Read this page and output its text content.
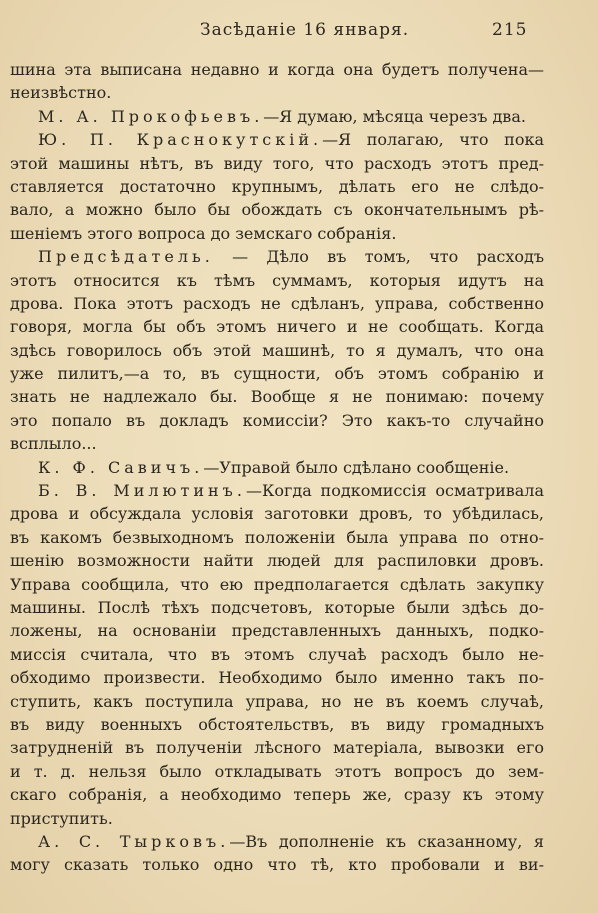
Засѣданіе 16 января.	215
шина эта выписана недавно и когда она будетъ получена—
неизвѣстно.
М. А. Прокофьевъ.—Я думаю, мѣсяца черезъ два.
Ю. П. Краснокутскій.—Я полагаю, что пока
этой машины нѣтъ, въ виду того, что расходъ этотъ пред-
ставляется достаточно крупнымъ, дѣлать его не слѣдо-
вало, а можно было бы обождать съ окончательнымъ рѣ-
шеніемъ этого вопроса до земскаго собранія.
Предсѣдатель. — Дѣло въ томъ, что расходъ
этотъ относится къ тѣмъ суммамъ, которыя идутъ на
дрова. Пока этотъ расходъ не сдѣланъ, управа, собственно
говоря, могла бы объ этомъ ничего и не сообщать. Когда
здѣсь говорилось объ этой машинѣ, то я думалъ, что она
уже пилитъ,—а то, въ сущности, объ этомъ собранію и
знать не надлежало бы. Вообще я не понимаю: почему
это попало въ докладъ комиссіи? Это какъ-то случайно
всплыло...
К. Ф. Савичъ.—Управой было сдѣлано сообщеніе.
Б. В. Милютинъ.—Когда подкомиссія осматривала
дрова и обсуждала условія заготовки дровъ, то убѣдилась,
въ какомъ безвыходномъ положеніи была управа по отно-
шенію возможности найти людей для распиловки дровъ.
Управа сообщила, что ею предполагается сдѣлать закупку
машины. Послѣ тѣхъ подсчетовъ, которые были здѣсь до-
ложены, на основаніи представленныхъ данныхъ, подко-
миссія считала, что въ этомъ случаѣ расходъ было не-
обходимо произвести. Необходимо было именно такъ по-
ступить, какъ поступила управа, но не въ коемъ случаѣ,
въ виду военныхъ обстоятельствъ, въ виду громадныхъ
затрудненій въ полученіи лѣсного матеріала, вывозки его
и т. д. нельзя было откладывать этотъ вопросъ до зем-
скаго собранія, а необходимо теперь же, сразу къ этому
приступить.
А. С. Тырковъ.—Въ дополненіе къ сказанному, я
могу сказать только одно что тѣ, кто пробовали и ви-
